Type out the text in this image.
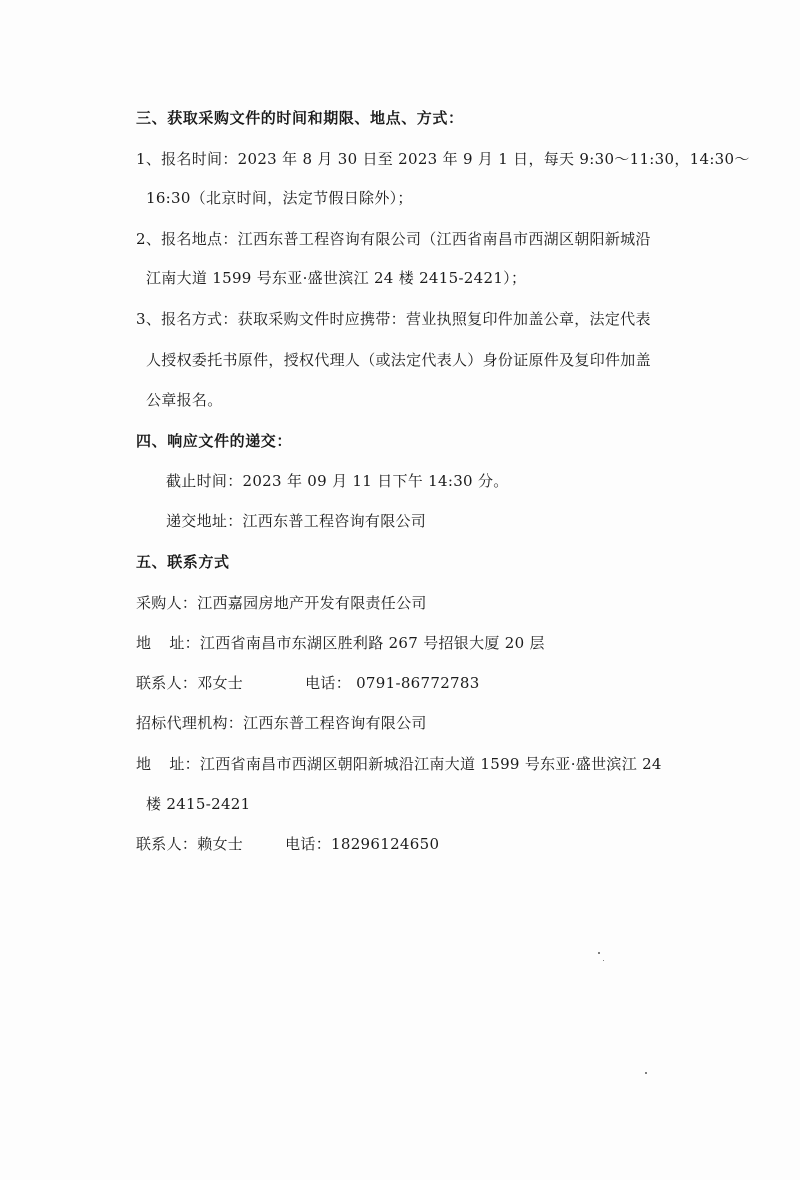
三、获取采购文件的时间和期限、地点、方式：
1、报名时间：2023 年 8 月 30 日至 2023 年 9 月 1 日，每天 9:30～11:30，14:30～
16:30（北京时间，法定节假日除外）；
2、报名地点：江西东普工程咨询有限公司（江西省南昌市西湖区朝阳新城沿
江南大道 1599 号东亚·盛世滨江 24 楼 2415-2421）；
3、报名方式：获取采购文件时应携带：营业执照复印件加盖公章，法定代表
人授权委托书原件，授权代理人（或法定代表人）身份证原件及复印件加盖
公章报名。
四、响应文件的递交：
截止时间：2023 年 09 月 11 日下午 14:30 分。
递交地址：江西东普工程咨询有限公司
五、联系方式
采购人：江西嘉园房地产开发有限责任公司
地 址：江西省南昌市东湖区胜利路 267 号招银大厦 20 层
联系人：邓女士	电话： 0791-86772783
招标代理机构：江西东普工程咨询有限公司
地 址：江西省南昌市西湖区朝阳新城沿江南大道 1599 号东亚·盛世滨江 24
楼 2415-2421
联系人：赖女士	电话：18296124650
